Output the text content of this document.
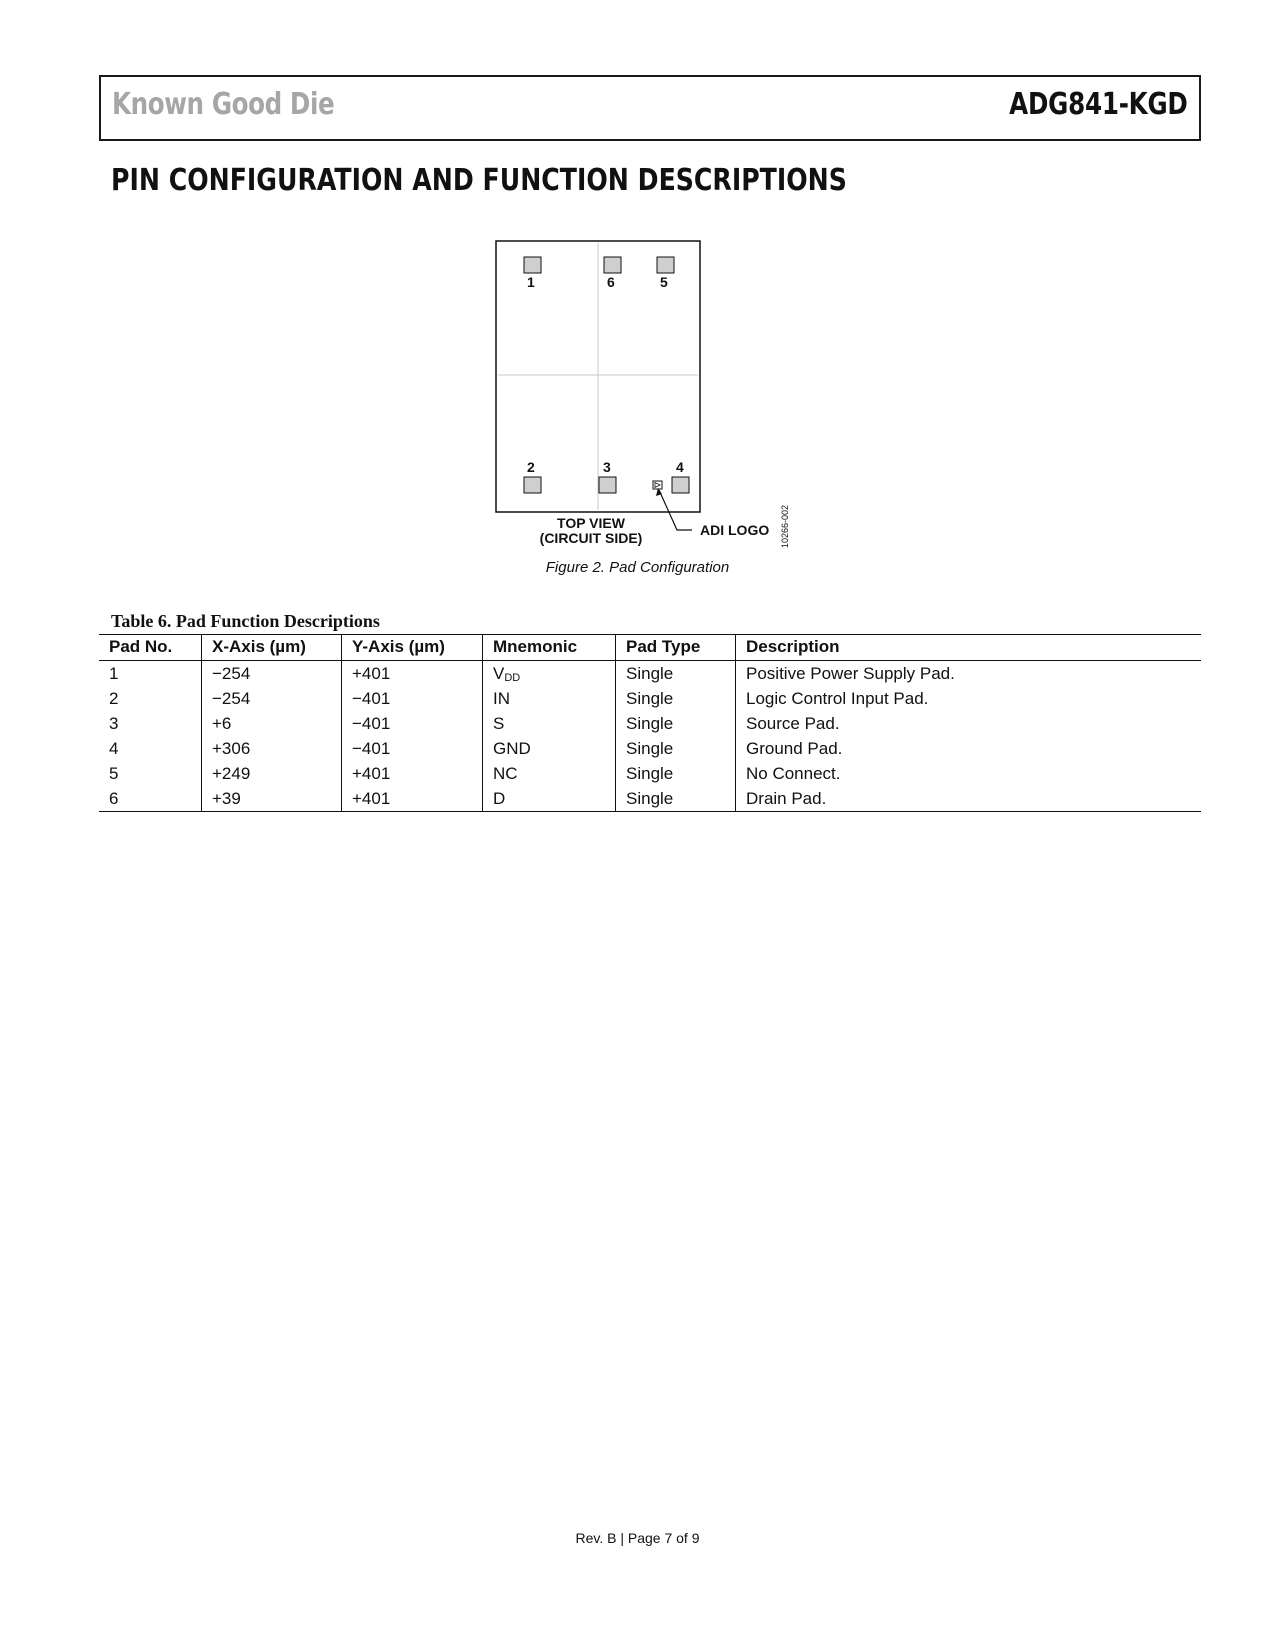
Known Good Die	ADG841-KGD
PIN CONFIGURATION AND FUNCTION DESCRIPTIONS
1	6	5
2	3	4
TOP VIEW
(CIRCUIT SIDE)	ADI LOGO 10266-002
Figure 2. Pad Configuration
Table 6. Pad Function Descriptions
Pad No.	X-Axis (µm)	Y-Axis (µm)	Mnemonic	Pad Type	Description
1	−254	+401	$V_{DD}$	Single	Positive Power Supply Pad.
2	−254	−401	IN	Single	Logic Control Input Pad.
3	+6	−401	S	Single	Source Pad.
4	+306	−401	GND	Single	Ground Pad.
5	+249	+401	NC	Single	No Connect.
6	+39	+401	D	Single	Drain Pad.
Rev. B | Page 7 of 9
